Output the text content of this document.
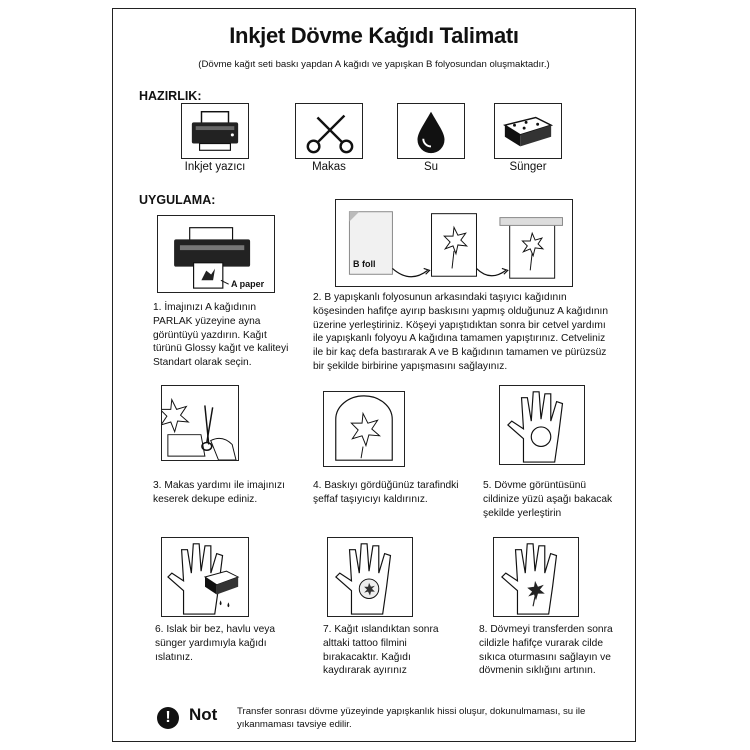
Inkjet Dövme Kağıdı Talimatı
(Dövme kağıt seti baskı yapdan A kağıdı ve yapışkan B folyosundan oluşmaktadır.)
HAZIRLIK:
Inkjet yazıcı	Makas	Su	Sünger
UYGULAMA:
A paper
1. İmajınızı A kağıdının PARLAK yüzeyine ayna görüntüyü yazdırın. Kağıt türünü Glossy kağıt ve kaliteyi Standart olarak seçin.
B foll
2. B yapışkanlı folyosunun arkasındaki taşıyıcı kağıdının köşesinden hafifçe ayırıp baskısını yapmış olduğunuz A kağıdının üzerine yerleştiriniz. Köşeyi yapıştıdıktan sonra bir cetvel yardımı ile yapışkanlı folyoyu A kağıdına tamamen yapıştırınız. Cetveliniz ile bir kaç defa bastırarak A ve B kağıdının tamamen ve pürüzsüz bir şekilde birbirine yapışmasını sağlayınız.
3. Makas yardımı ile imajınızı keserek dekupe ediniz.
4. Baskıyı gördüğünüz tarafindki şeffaf taşıyıcıyı kaldırınız.
5. Dövme görüntüsünü cildinize yüzü aşağı bakacak şekilde yerleştirin
6. Islak bir bez, havlu veya sünger yardımıyla kağıdı ıslatınız.
7. Kağıt ıslandıktan sonra alttaki tattoo filmini bırakacaktır. Kağıdı kaydırarak ayırınız
8. Dövmeyi transferden sonra cildizle hafifçe vurarak cilde sıkıca oturmasını sağlayın ve dövmenin sıklığını artının.
!	Not Transfer sonrası dövme yüzeyinde yapışkanlık hissi oluşur, dokunulmaması, su ile yıkanmaması tavsiye edilir.
